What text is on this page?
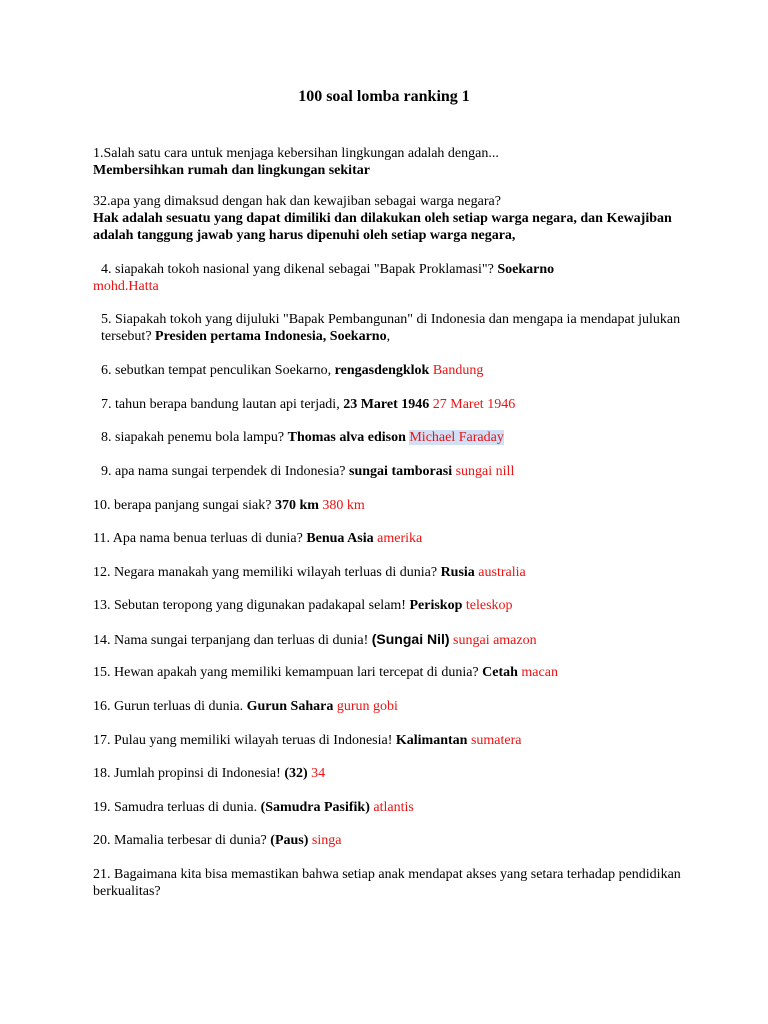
100 soal lomba ranking 1
1.Salah satu cara untuk menjaga kebersihan lingkungan adalah dengan...
Membersihkan rumah dan lingkungan sekitar
32.apa yang dimaksud dengan hak dan kewajiban sebagai warga negara?
Hak adalah sesuatu yang dapat dimiliki dan dilakukan oleh setiap warga negara, dan Kewajiban adalah tanggung jawab yang harus dipenuhi oleh setiap warga negara,
4. siapakah tokoh nasional yang dikenal sebagai "Bapak Proklamasi"? Soekarno
mohd.Hatta
5. Siapakah tokoh yang dijuluki "Bapak Pembangunan" di Indonesia dan mengapa ia mendapat julukan tersebut? Presiden pertama Indonesia, Soekarno,
6. sebutkan tempat penculikan Soekarno, rengasdengklok Bandung
7. tahun berapa bandung lautan api terjadi, 23 Maret 1946 27 Maret 1946
8. siapakah penemu bola lampu? Thomas alva edison Michael Faraday
9. apa nama sungai terpendek di Indonesia? sungai tamborasi sungai nill
10. berapa panjang sungai siak? 370 km 380 km
11. Apa nama benua terluas di dunia? Benua Asia amerika
12. Negara manakah yang memiliki wilayah terluas di dunia? Rusia australia
13. Sebutan teropong yang digunakan padakapal selam! Periskop teleskop
14. Nama sungai terpanjang dan terluas di dunia! (Sungai Nil) sungai amazon
15. Hewan apakah yang memiliki kemampuan lari tercepat di dunia? Cetah macan
16. Gurun terluas di dunia. Gurun Sahara gurun gobi
17. Pulau yang memiliki wilayah teruas di Indonesia! Kalimantan sumatera
18. Jumlah propinsi di Indonesia! (32) 34
19. Samudra terluas di dunia. (Samudra Pasifik) atlantis
20. Mamalia terbesar di dunia? (Paus) singa
21. Bagaimana kita bisa memastikan bahwa setiap anak mendapat akses yang setara terhadap pendidikan berkualitas?
